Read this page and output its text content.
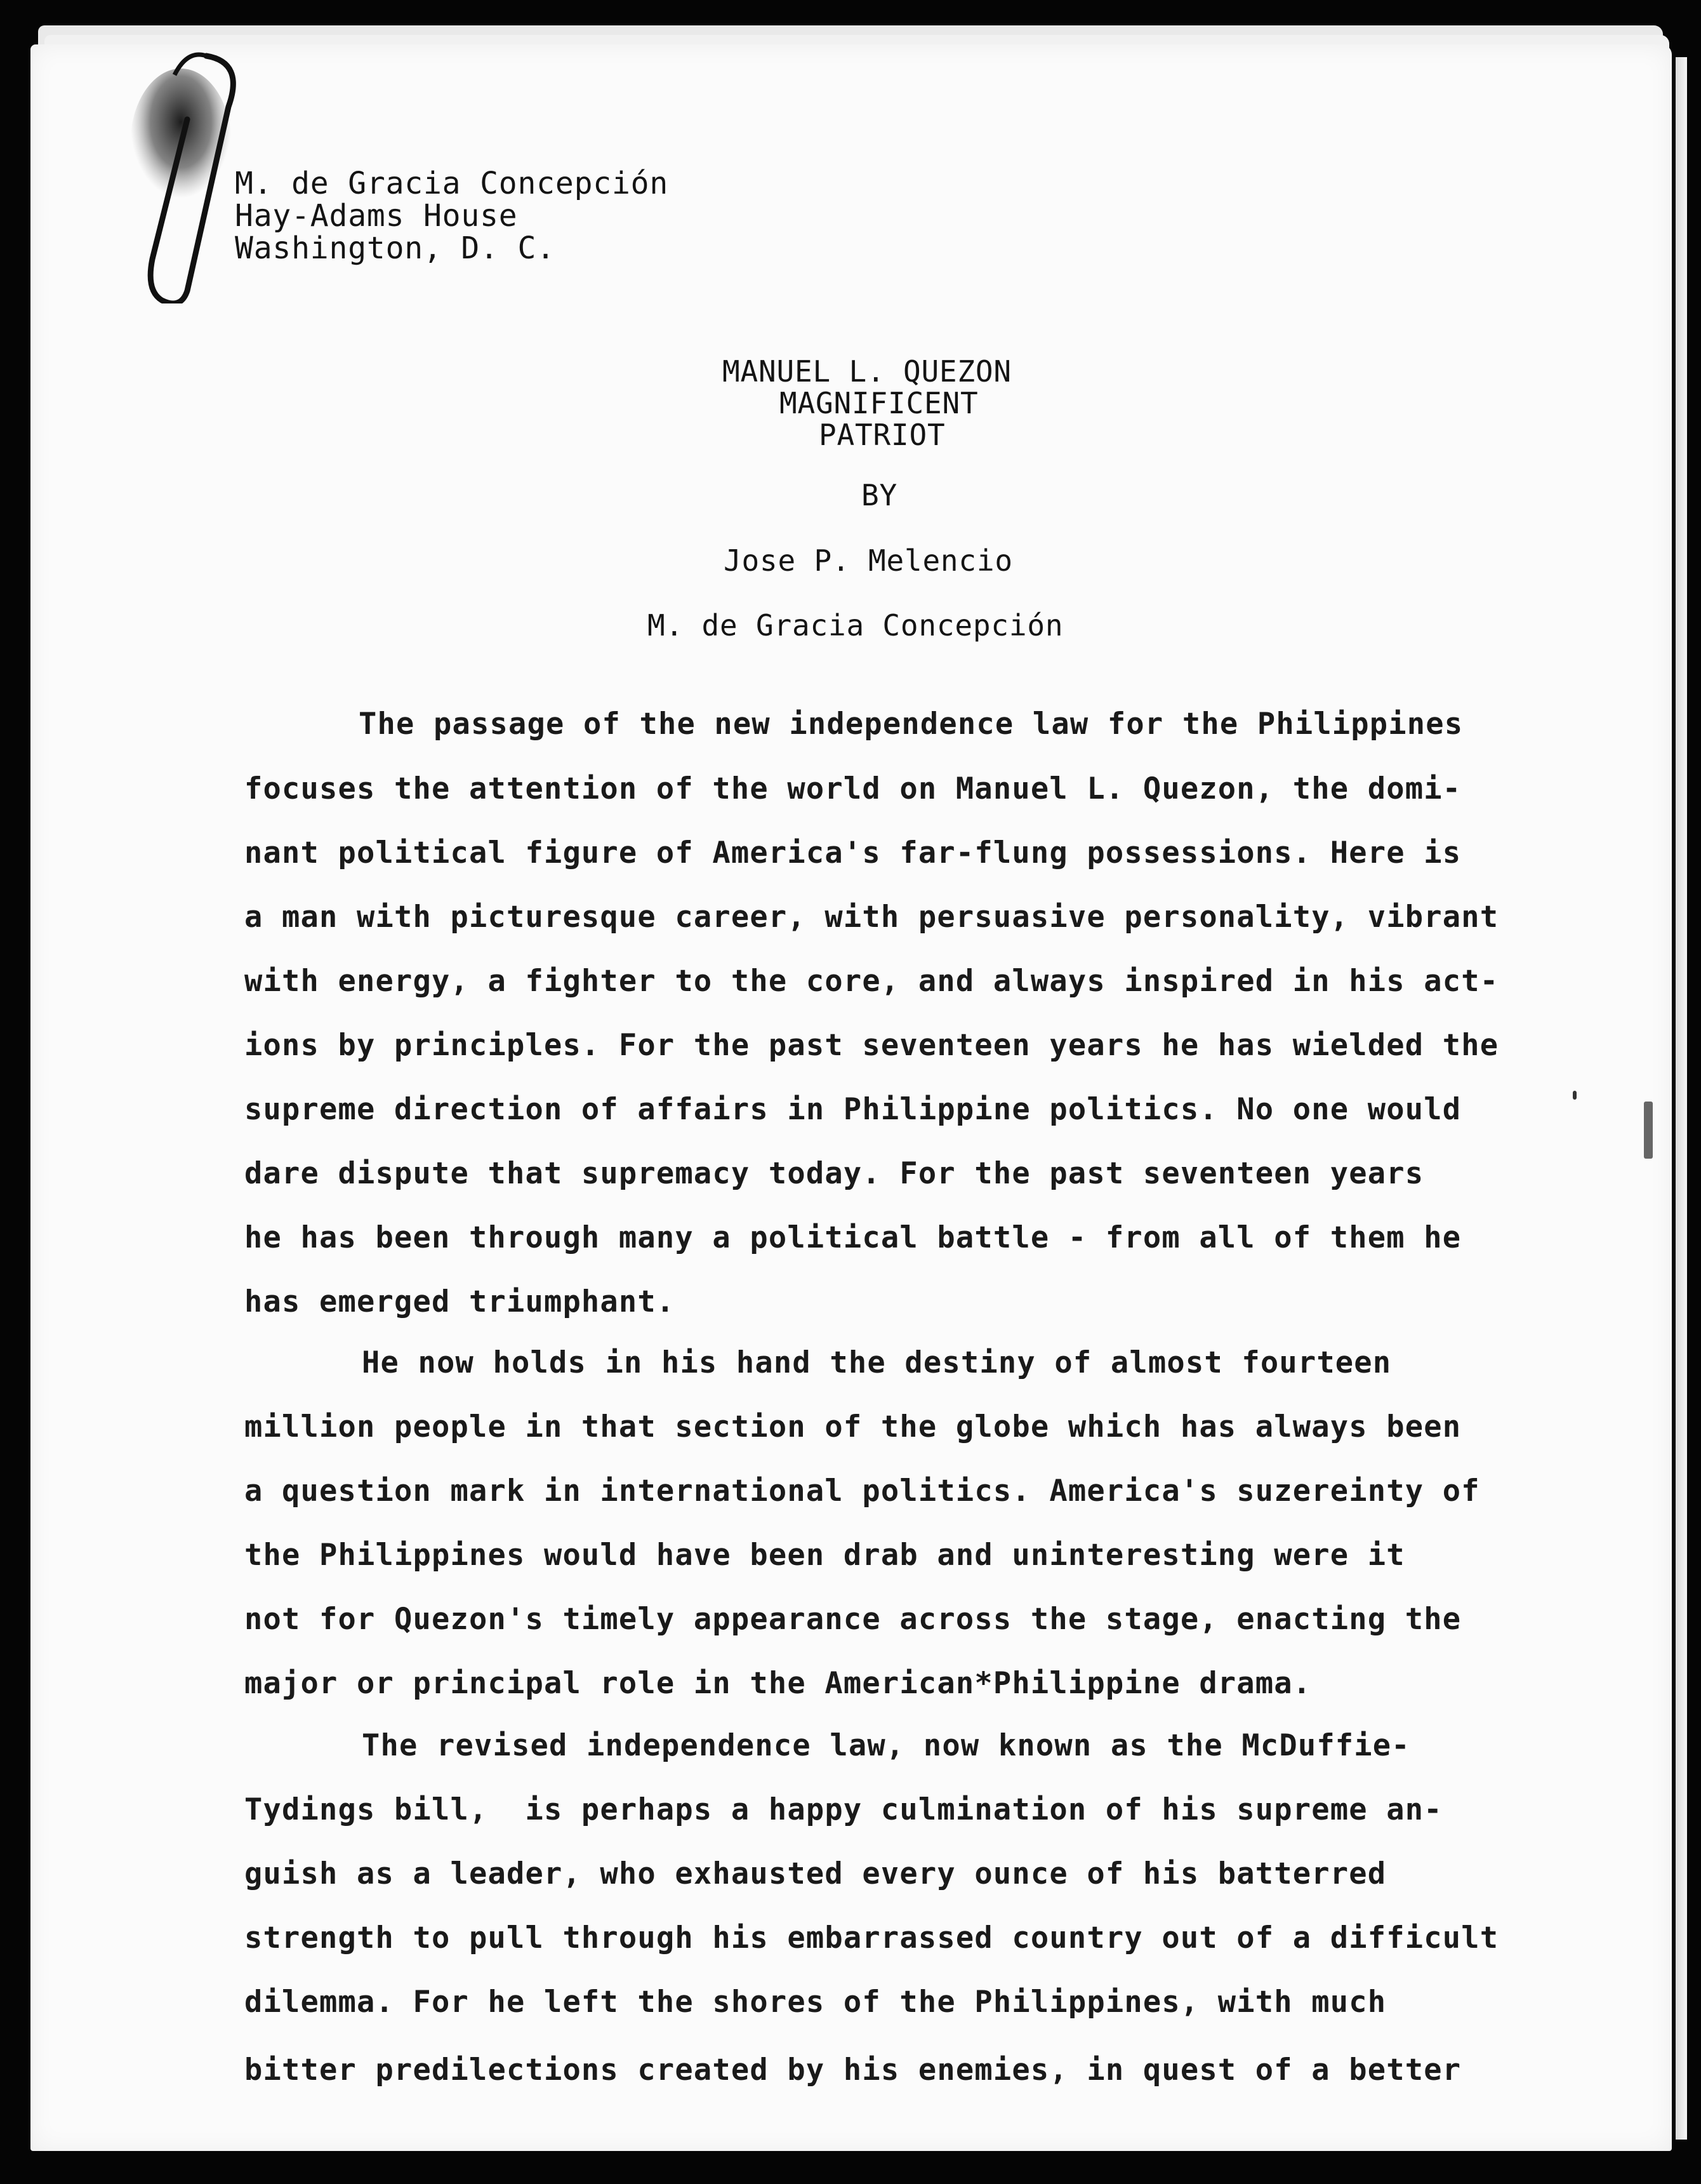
M. de Gracia Concepción
Hay-Adams House
Washington, D. C.
MANUEL L. QUEZON
MAGNIFICENT
PATRIOT
BY
Jose P. Melencio
M. de Gracia Concepción
The passage of the new independence law for the Philippines
focuses the attention of the world on Manuel L. Quezon, the domi-
nant political figure of America's far-flung possessions. Here is
a man with picturesque career, with persuasive personality, vibrant
with energy, a fighter to the core, and always inspired in his act-
ions by principles. For the past seventeen years he has wielded the
supreme direction of affairs in Philippine politics. No one would
dare dispute that supremacy today. For the past seventeen years
he has been through many a political battle - from all of them he
has emerged triumphant.
He now holds in his hand the destiny of almost fourteen
million people in that section of the globe which has always been
a question mark in international politics. America's suzereinty of
the Philippines would have been drab and uninteresting were it
not for Quezon's timely appearance across the stage, enacting the
major or principal role in the American*Philippine drama.
The revised independence law, now known as the McDuffie-
Tydings bill,  is perhaps a happy culmination of his supreme an-
guish as a leader, who exhausted every ounce of his batterred
strength to pull through his embarrassed country out of a difficult
dilemma. For he left the shores of the Philippines, with much
bitter predilections created by his enemies, in quest of a better
